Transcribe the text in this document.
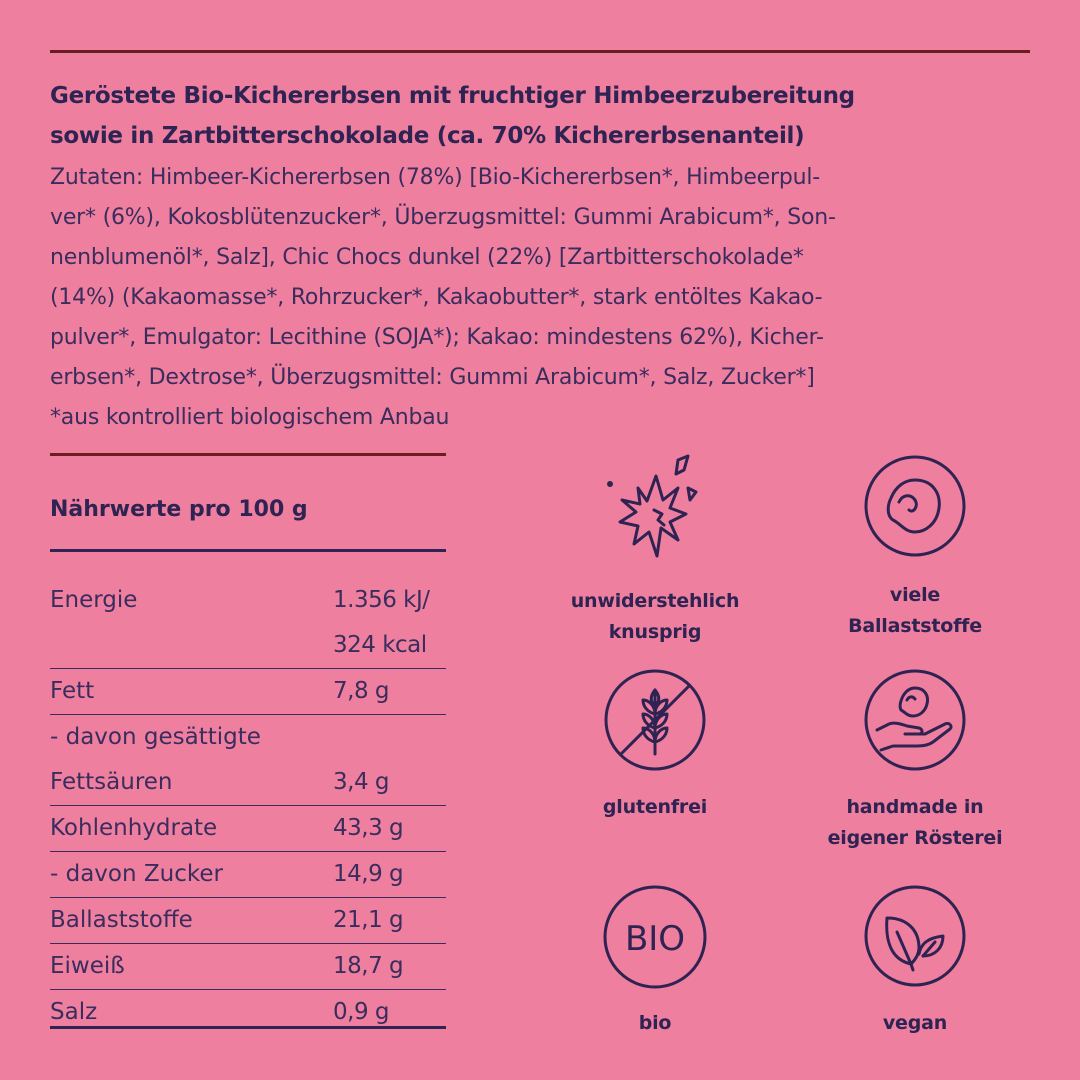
Geröstete Bio-Kichererbsen mit fruchtiger Himbeerzubereitung
sowie in Zartbitterschokolade (ca. 70% Kichererbsenanteil)

Zutaten: Himbeer-Kichererbsen (78%) [Bio-Kichererbsen*, Himbeerpul-

ver* (6%), Kokosblütenzucker*, Überzugsmittel: Gummi Arabicum*, Son-

nenblumenöl*, Salz], Chic Chocs dunkel (22%) [Zartbitterschokolade*

(14%) (Kakaomasse*, Rohrzucker*, Kakaobutter*, stark entöltes Kakao-

pulver*, Emulgator: Lecithine (SOJA*); Kakao: mindestens 62%), Kicher-

erbsen*, Dextrose*, Überzugsmittel: Gummi Arabicum*, Salz, Zucker*]

*aus kontrolliert biologischem Anbau

Nährwerte pro 100 g
Energie	1.356 kJ/
324 kcal
Fett	7,8 g
- davon gesättigte
Fettsäuren	3,4 g
Kohlenhydrate	43,3 g
- davon Zucker	14,9 g
Ballaststoffe	21,1 g
Eiweiß	18,7 g
Salz	0,9 g
unwiderstehlich
knusprig
viele
Ballaststoffe
glutenfrei	handmade in
eigener Rösterei
BIO
bio	vegan
